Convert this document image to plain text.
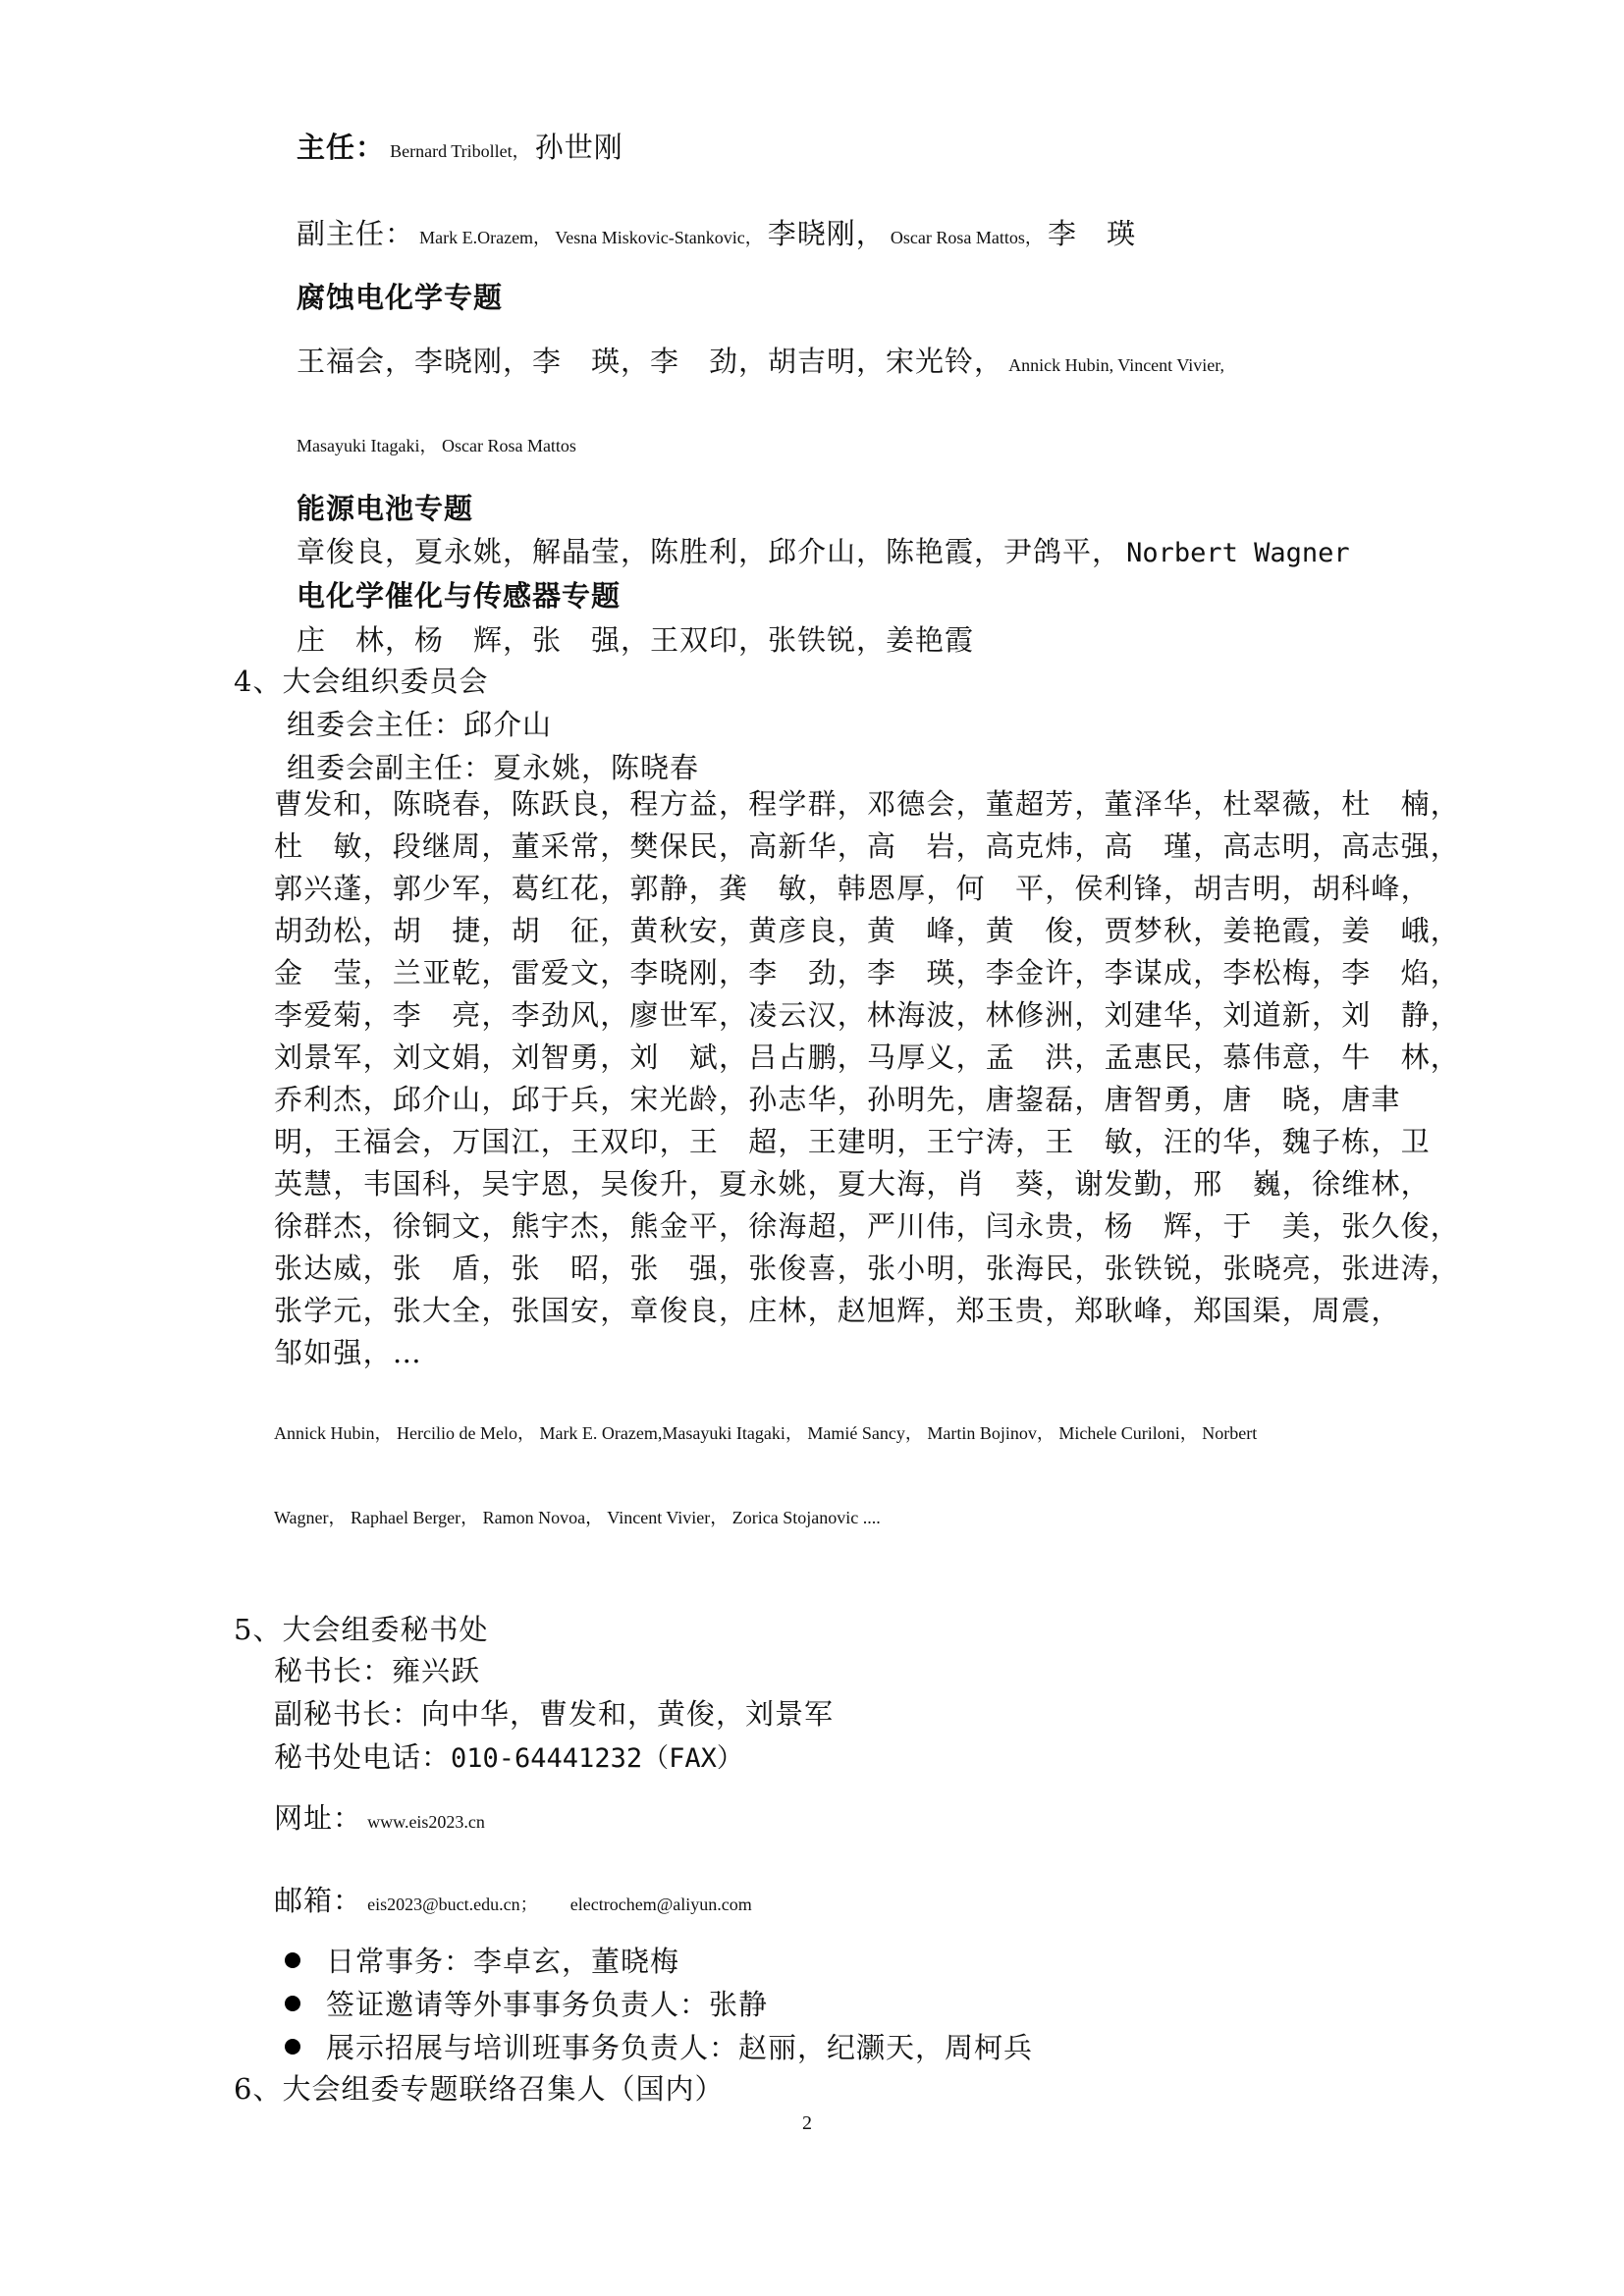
主任： Bernard Tribollet， 孙世刚
副主任： Mark E.Orazem， Vesna Miskovic-Stankovic， 李晓刚， Oscar Rosa Mattos， 李　瑛
腐蚀电化学专题
王福会，李晓刚，李　瑛，李　劲，胡吉明，宋光铃， Annick Hubin, Vincent Vivier,
Masayuki Itagaki， Oscar Rosa Mattos
能源电池专题
章俊良，夏永姚，解晶莹，陈胜利，邱介山，陈艳霞，尹鸽平， Norbert Wagner
电化学催化与传感器专题
庄　林，杨　辉，张　强，王双印，张铁锐，姜艳霞
4、大会组织委员会
组委会主任：邱介山
组委会副主任：夏永姚，陈晓春
曹发和，陈晓春，陈跃良，程方益，程学群，邓德会，董超芳，董泽华，杜翠薇，杜　楠，
杜　敏，段继周，董采常，樊保民，高新华，高　岩，高克炜，高　瑾，高志明，高志强，
郭兴蓬，郭少军，葛红花，郭静，龚　敏，韩恩厚，何　平，侯利锋，胡吉明，胡科峰，
胡劲松，胡　捷，胡　征，黄秋安，黄彦良，黄　峰，黄　俊，贾梦秋，姜艳霞，姜　峨，
金　莹，兰亚乾，雷爱文，李晓刚，李　劲，李　瑛，李金许，李谋成，李松梅，李　焰，
李爱菊，李　亮，李劲风，廖世军，凌云汉，林海波，林修洲，刘建华，刘道新，刘　静，
刘景军，刘文娟，刘智勇，刘　斌，吕占鹏，马厚义，孟　洪，孟惠民，慕伟意，牛　林，
乔利杰，邱介山，邱于兵，宋光龄，孙志华，孙明先，唐鋆磊，唐智勇，唐　晓，唐聿
明，王福会，万国江，王双印，王　超，王建明，王宁涛，王　敏，汪的华，魏子栋，卫
英慧，韦国科，吴宇恩，吴俊升，夏永姚，夏大海，肖　葵，谢发勤，邢　巍，徐维林，
徐群杰，徐铜文，熊宇杰，熊金平，徐海超，严川伟，闫永贵，杨　辉，于　美，张久俊，
张达威，张　盾，张　昭，张　强，张俊喜，张小明，张海民，张铁锐，张晓亮，张进涛，
张学元，张大全，张国安，章俊良，庄林，赵旭辉，郑玉贵，郑耿峰，郑国渠，周震，
邹如强，…
Annick Hubin， Hercilio de Melo， Mark E. Orazem,Masayuki Itagaki， Mamié Sancy， Martin Bojinov， Michele Curiloni， Norbert
Wagner， Raphael Berger， Ramon Novoa， Vincent Vivier， Zorica Stojanovic ....
5、大会组委秘书处
秘书长：雍兴跃
副秘书长：向中华，曹发和，黄俊，刘景军
秘书处电话：010-64441232（FAX）
网址： www.eis2023.cn
邮箱： eis2023@buct.edu.cn； electrochem@aliyun.com
日常事务：李卓玄，董晓梅
签证邀请等外事事务负责人：张静
展示招展与培训班事务负责人：赵丽，纪灏天，周柯兵
6、大会组委专题联络召集人（国内）
2
